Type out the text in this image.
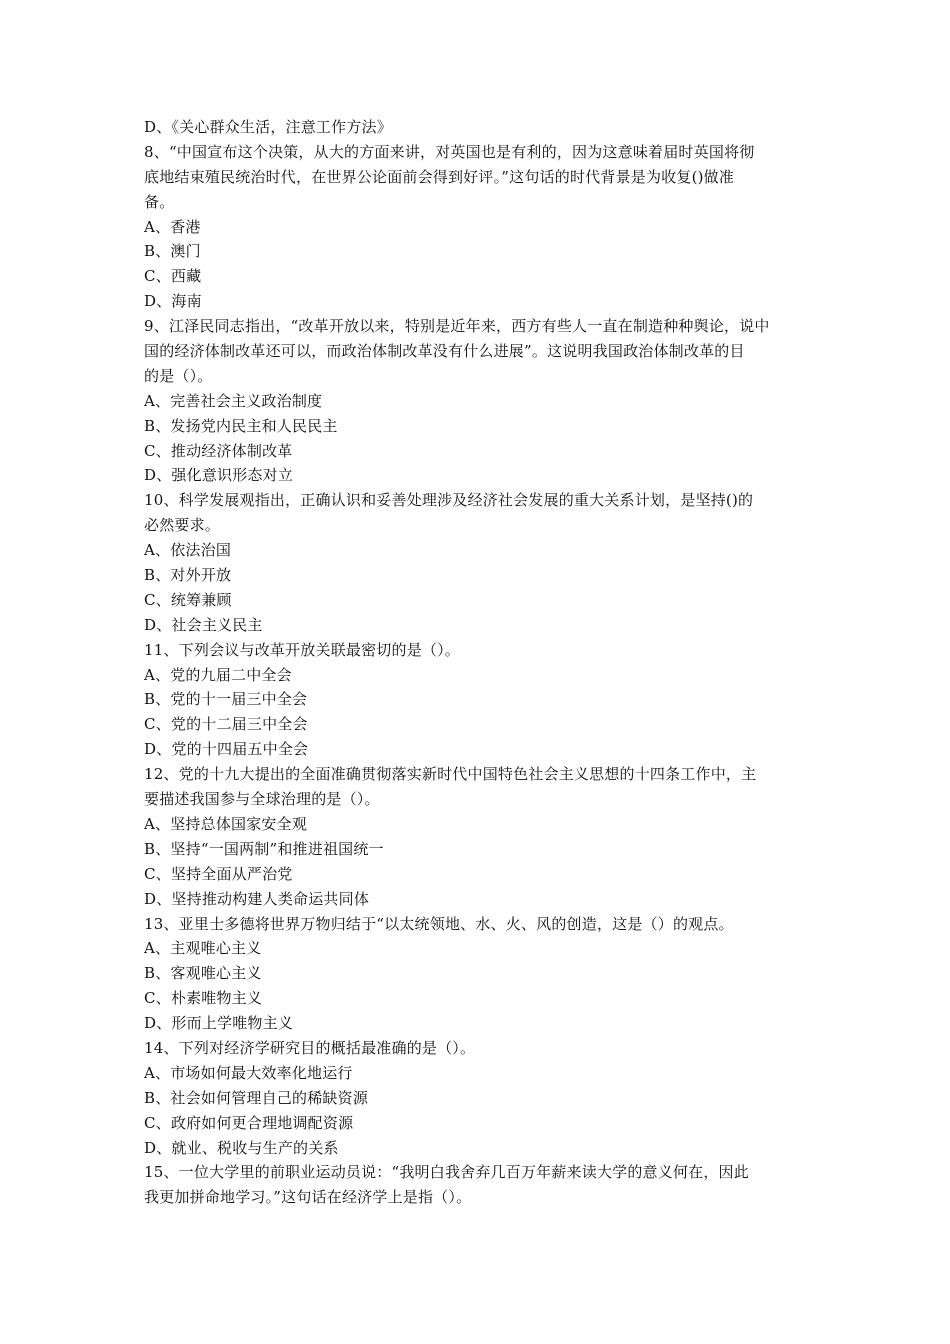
D、《关心群众生活，注意工作方法》
8、“中国宣布这个决策，从大的方面来讲，对英国也是有利的，因为这意味着届时英国将彻
底地结束殖民统治时代，在世界公论面前会得到好评。”这句话的时代背景是为收复()做准
备。
A、香港
B、澳门
C、西藏
D、海南
9、江泽民同志指出，“改革开放以来，特别是近年来，西方有些人一直在制造种种舆论，说中
国的经济体制改革还可以，而政治体制改革没有什么进展”。这说明我国政治体制改革的目
的是（）。
A、完善社会主义政治制度
B、发扬党内民主和人民民主
C、推动经济体制改革
D、强化意识形态对立
10、科学发展观指出，正确认识和妥善处理涉及经济社会发展的重大关系计划，是坚持()的
必然要求。
A、依法治国
B、对外开放
C、统筹兼顾
D、社会主义民主
11、下列会议与改革开放关联最密切的是（）。
A、党的九届二中全会
B、党的十一届三中全会
C、党的十二届三中全会
D、党的十四届五中全会
12、党的十九大提出的全面准确贯彻落实新时代中国特色社会主义思想的十四条工作中，主
要描述我国参与全球治理的是（）。
A、坚持总体国家安全观
B、坚持“一国两制”和推进祖国统一
C、坚持全面从严治党
D、坚持推动构建人类命运共同体
13、亚里士多德将世界万物归结于“以太统领地、水、火、风的创造，这是（）的观点。
A、主观唯心主义
B、客观唯心主义
C、朴素唯物主义
D、形而上学唯物主义
14、下列对经济学研究目的概括最准确的是（）。
A、市场如何最大效率化地运行
B、社会如何管理自己的稀缺资源
C、政府如何更合理地调配资源
D、就业、税收与生产的关系
15、一位大学里的前职业运动员说：“我明白我舍弃几百万年薪来读大学的意义何在，因此
我更加拼命地学习。”这句话在经济学上是指（）。
